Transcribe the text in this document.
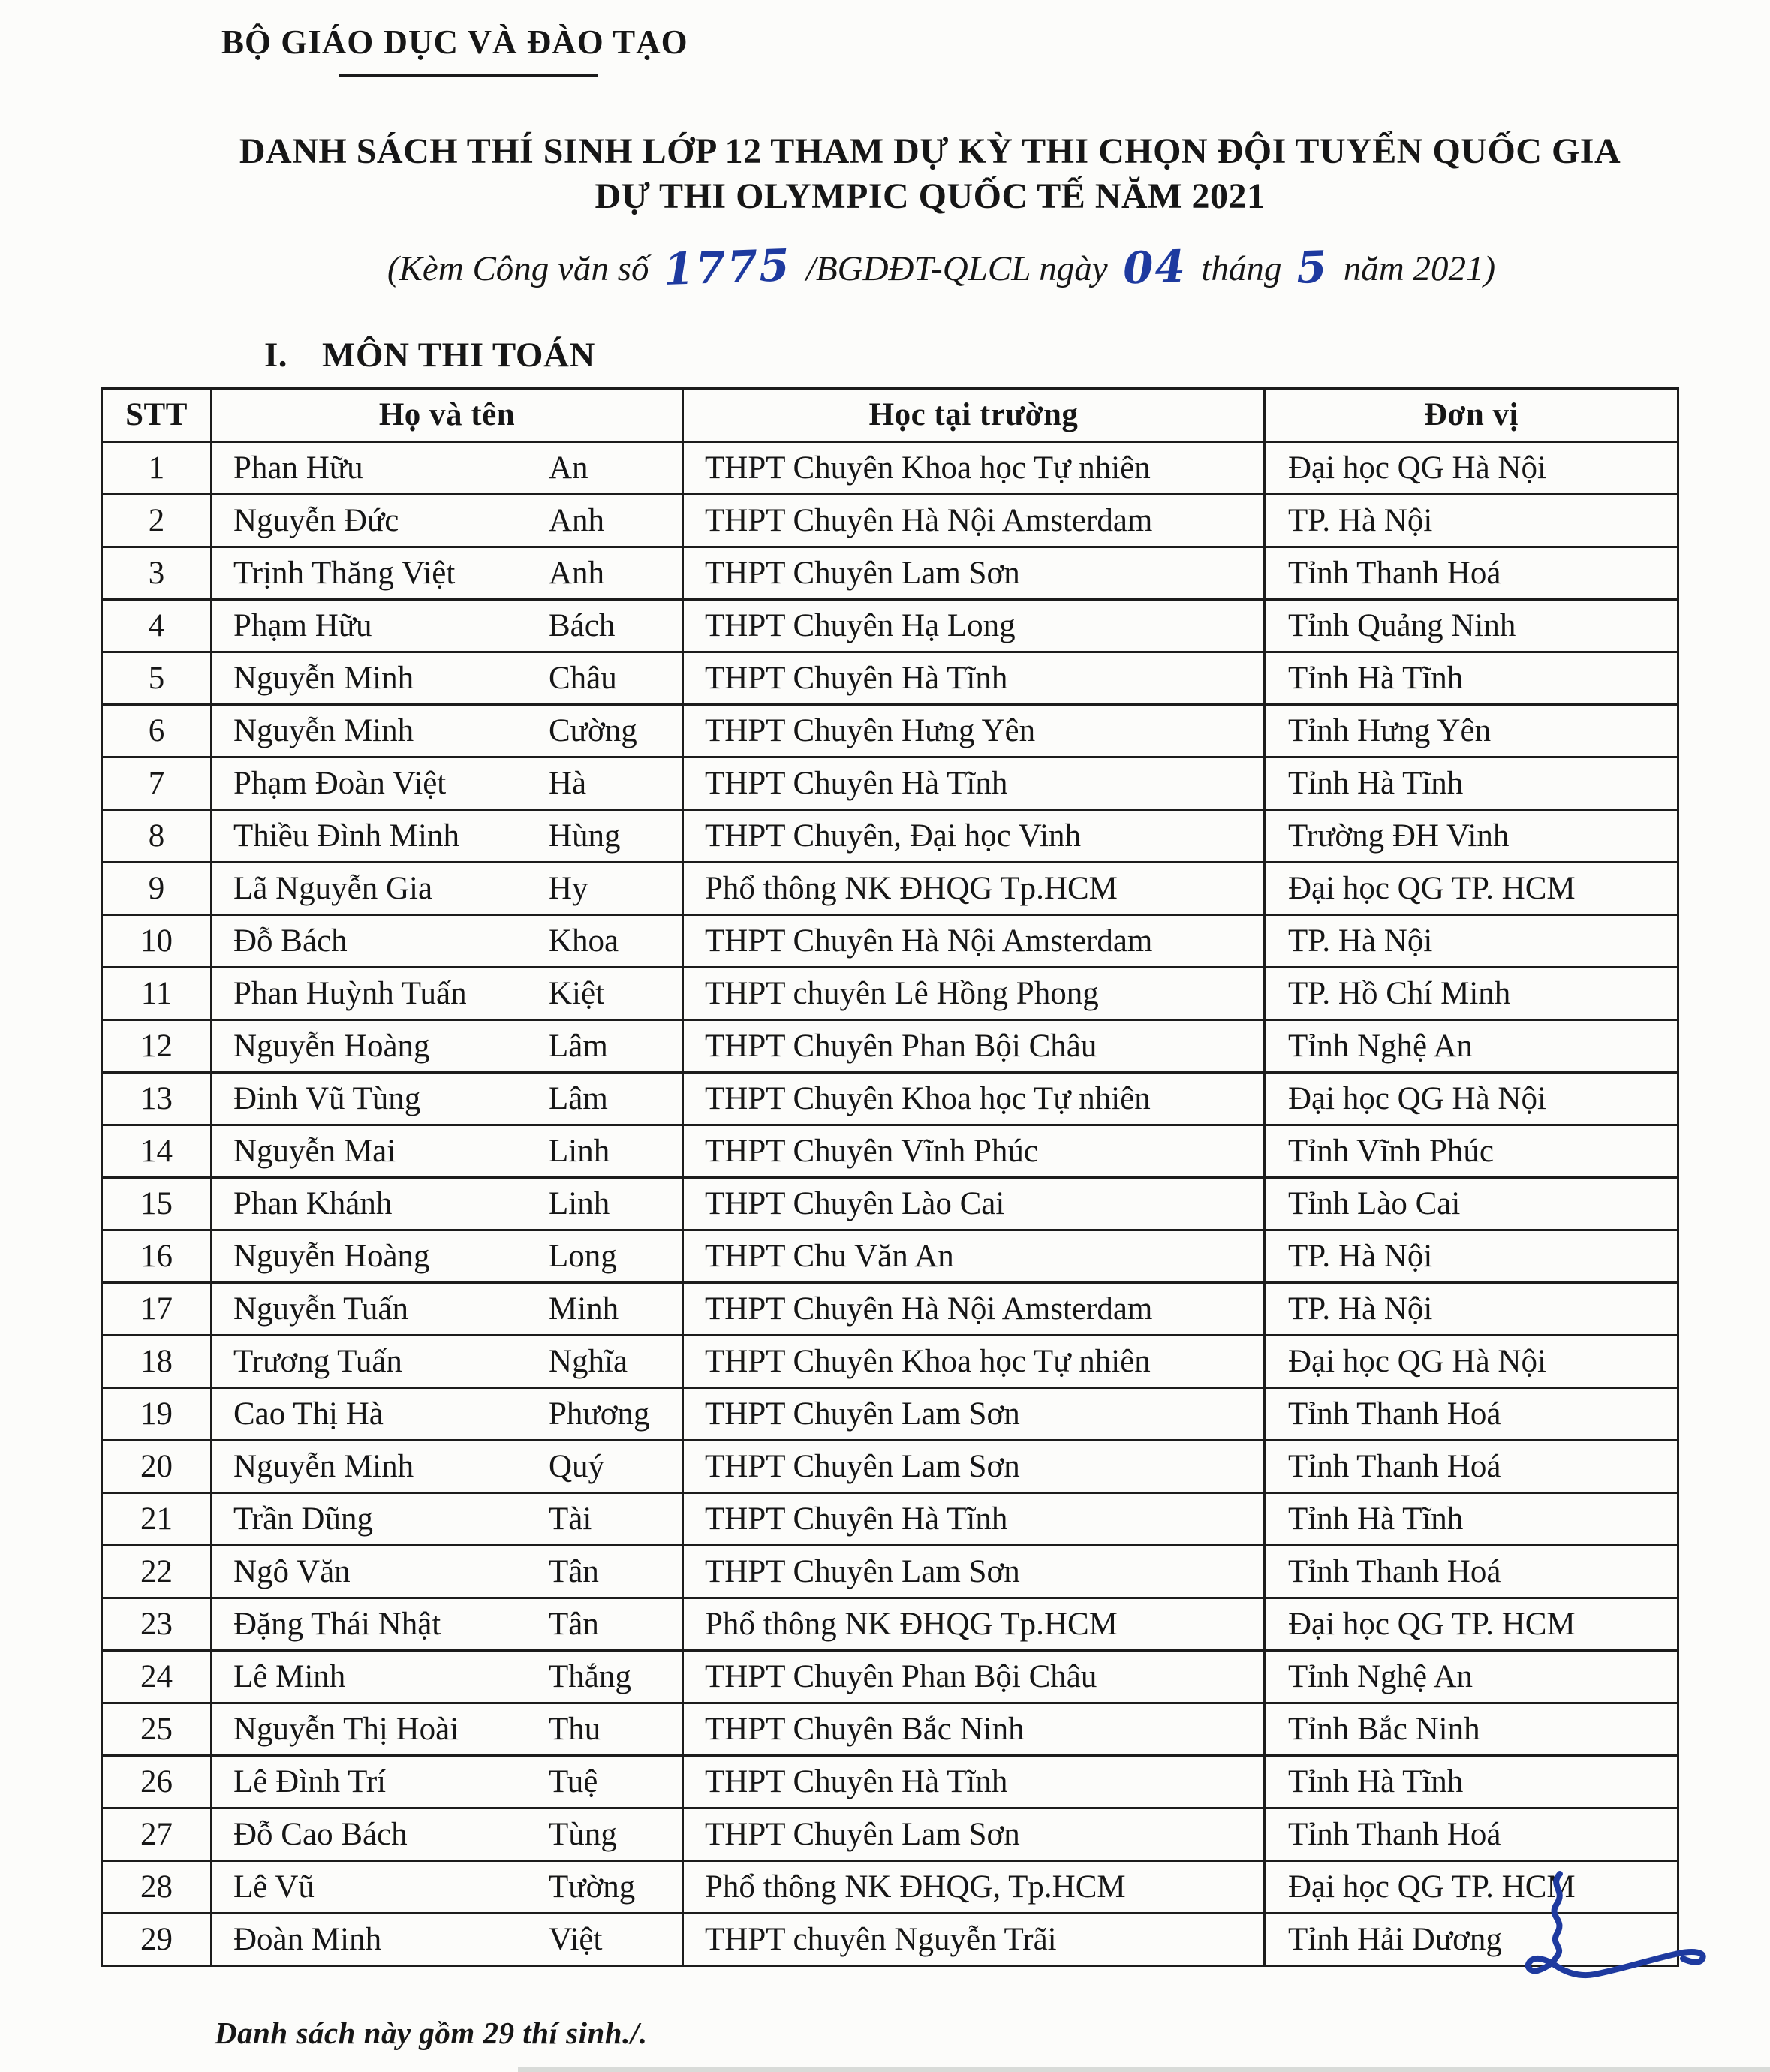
BỘ GIÁO DỤC VÀ ĐÀO TẠO
DANH SÁCH THÍ SINH LỚP 12 THAM DỰ KỲ THI CHỌN ĐỘI TUYỂN QUỐC GIA
DỰ THI OLYMPIC QUỐC TẾ NĂM 2021
(Kèm Công văn số 1775 /BGDĐT-QLCL ngày 04 tháng 5 năm 2021)
I. MÔN THI TOÁN
STT	Họ và tên	Học tại trường	Đơn vị
1	Phan Hữu An	THPT Chuyên Khoa học Tự nhiên	Đại học QG Hà Nội
2	Nguyễn Đức Anh	THPT Chuyên Hà Nội Amsterdam	TP. Hà Nội
3	Trịnh Thăng Việt Anh	THPT Chuyên Lam Sơn	Tỉnh Thanh Hoá
4	Phạm Hữu Bách	THPT Chuyên Hạ Long	Tỉnh Quảng Ninh
5	Nguyễn Minh Châu	THPT Chuyên Hà Tĩnh	Tỉnh Hà Tĩnh
6	Nguyễn Minh Cường	THPT Chuyên Hưng Yên	Tỉnh Hưng Yên
7	Phạm Đoàn Việt Hà	THPT Chuyên Hà Tĩnh	Tỉnh Hà Tĩnh
8	Thiều Đình Minh Hùng	THPT Chuyên, Đại học Vinh	Trường ĐH Vinh
9	Lã Nguyễn Gia Hy	Phổ thông NK ĐHQG Tp.HCM	Đại học QG TP. HCM
10	Đỗ Bách Khoa	THPT Chuyên Hà Nội Amsterdam	TP. Hà Nội
11	Phan Huỳnh Tuấn Kiệt	THPT chuyên Lê Hồng Phong	TP. Hồ Chí Minh
12	Nguyễn Hoàng Lâm	THPT Chuyên Phan Bội Châu	Tỉnh Nghệ An
13	Đinh Vũ Tùng Lâm	THPT Chuyên Khoa học Tự nhiên	Đại học QG Hà Nội
14	Nguyễn Mai Linh	THPT Chuyên Vĩnh Phúc	Tỉnh Vĩnh Phúc
15	Phan Khánh Linh	THPT Chuyên Lào Cai	Tỉnh Lào Cai
16	Nguyễn Hoàng Long	THPT Chu Văn An	TP. Hà Nội
17	Nguyễn Tuấn Minh	THPT Chuyên Hà Nội Amsterdam	TP. Hà Nội
18	Trương Tuấn Nghĩa	THPT Chuyên Khoa học Tự nhiên	Đại học QG Hà Nội
19	Cao Thị Hà Phương	THPT Chuyên Lam Sơn	Tỉnh Thanh Hoá
20	Nguyễn Minh Quý	THPT Chuyên Lam Sơn	Tỉnh Thanh Hoá
21	Trần Dũng Tài	THPT Chuyên Hà Tĩnh	Tỉnh Hà Tĩnh
22	Ngô Văn Tân	THPT Chuyên Lam Sơn	Tỉnh Thanh Hoá
23	Đặng Thái Nhật Tân	Phổ thông NK ĐHQG Tp.HCM	Đại học QG TP. HCM
24	Lê Minh Thắng	THPT Chuyên Phan Bội Châu	Tỉnh Nghệ An
25	Nguyễn Thị Hoài Thu	THPT Chuyên Bắc Ninh	Tỉnh Bắc Ninh
26	Lê Đình Trí Tuệ	THPT Chuyên Hà Tĩnh	Tỉnh Hà Tĩnh
27	Đỗ Cao Bách Tùng	THPT Chuyên Lam Sơn	Tỉnh Thanh Hoá
28	Lê Vũ Tường	Phổ thông NK ĐHQG, Tp.HCM	Đại học QG TP. HCM
29	Đoàn Minh Việt	THPT chuyên Nguyễn Trãi	Tỉnh Hải Dương
Danh sách này gồm 29 thí sinh./.
